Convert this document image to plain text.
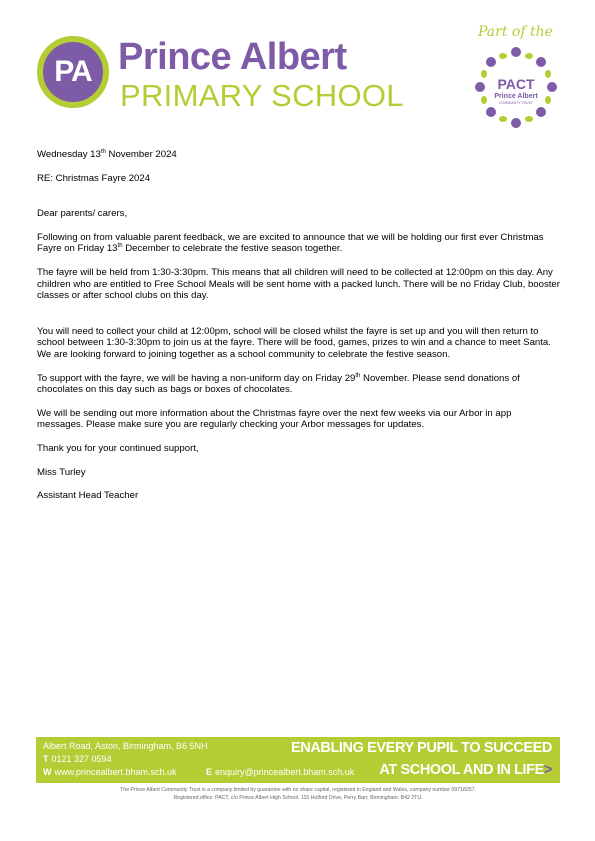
PA Prince Albert
PRIMARY SCHOOL
Part of the
PACT
Prince Albert
COMMUNITY TRUST

Wednesday 13th November 2024

RE: Christmas Fayre 2024

Dear parents/ carers,

Following on from valuable parent feedback, we are excited to announce that we will be holding our first ever Christmas Fayre on Friday 13th December to celebrate the festive season together.

The fayre will be held from 1:30-3:30pm. This means that all children will need to be collected at 12:00pm on this day. Any children who are entitled to Free School Meals will be sent home with a packed lunch. There will be no Friday Club, booster classes or after school clubs on this day.

You will need to collect your child at 12:00pm, school will be closed whilst the fayre is set up and you will then return to school between 1:30-3:30pm to join us at the fayre. There will be food, games, prizes to win and a chance to meet Santa. We are looking forward to joining together as a school community to celebrate the festive season.

To support with the fayre, we will be having a non-uniform day on Friday 29th November. Please send donations of chocolates on this day such as bags or boxes of chocolates.

We will be sending out more information about the Christmas fayre over the next few weeks via our Arbor in app messages. Please make sure you are regularly checking your Arbor messages for updates.

Thank you for your continued support,

Miss Turley

Assistant Head Teacher

Albert Road, Aston, Birmingham, B6 5NH
T 0121 327 0594
W www.princealbert.bham.sch.uk	E enquiry@princealbert.bham.sch.uk
ENABLING EVERY PUPIL TO SUCCEED
AT SCHOOL AND IN LIFE>
The Prince Albert Community Trust is a company limited by guarantee with no share capital, registered in England and Wales, company number 09718257.
Registered office: PACT, c/o Prince Albert High School. 115 Holford Drive, Perry Barr, Birmingham. B42 2TU.
